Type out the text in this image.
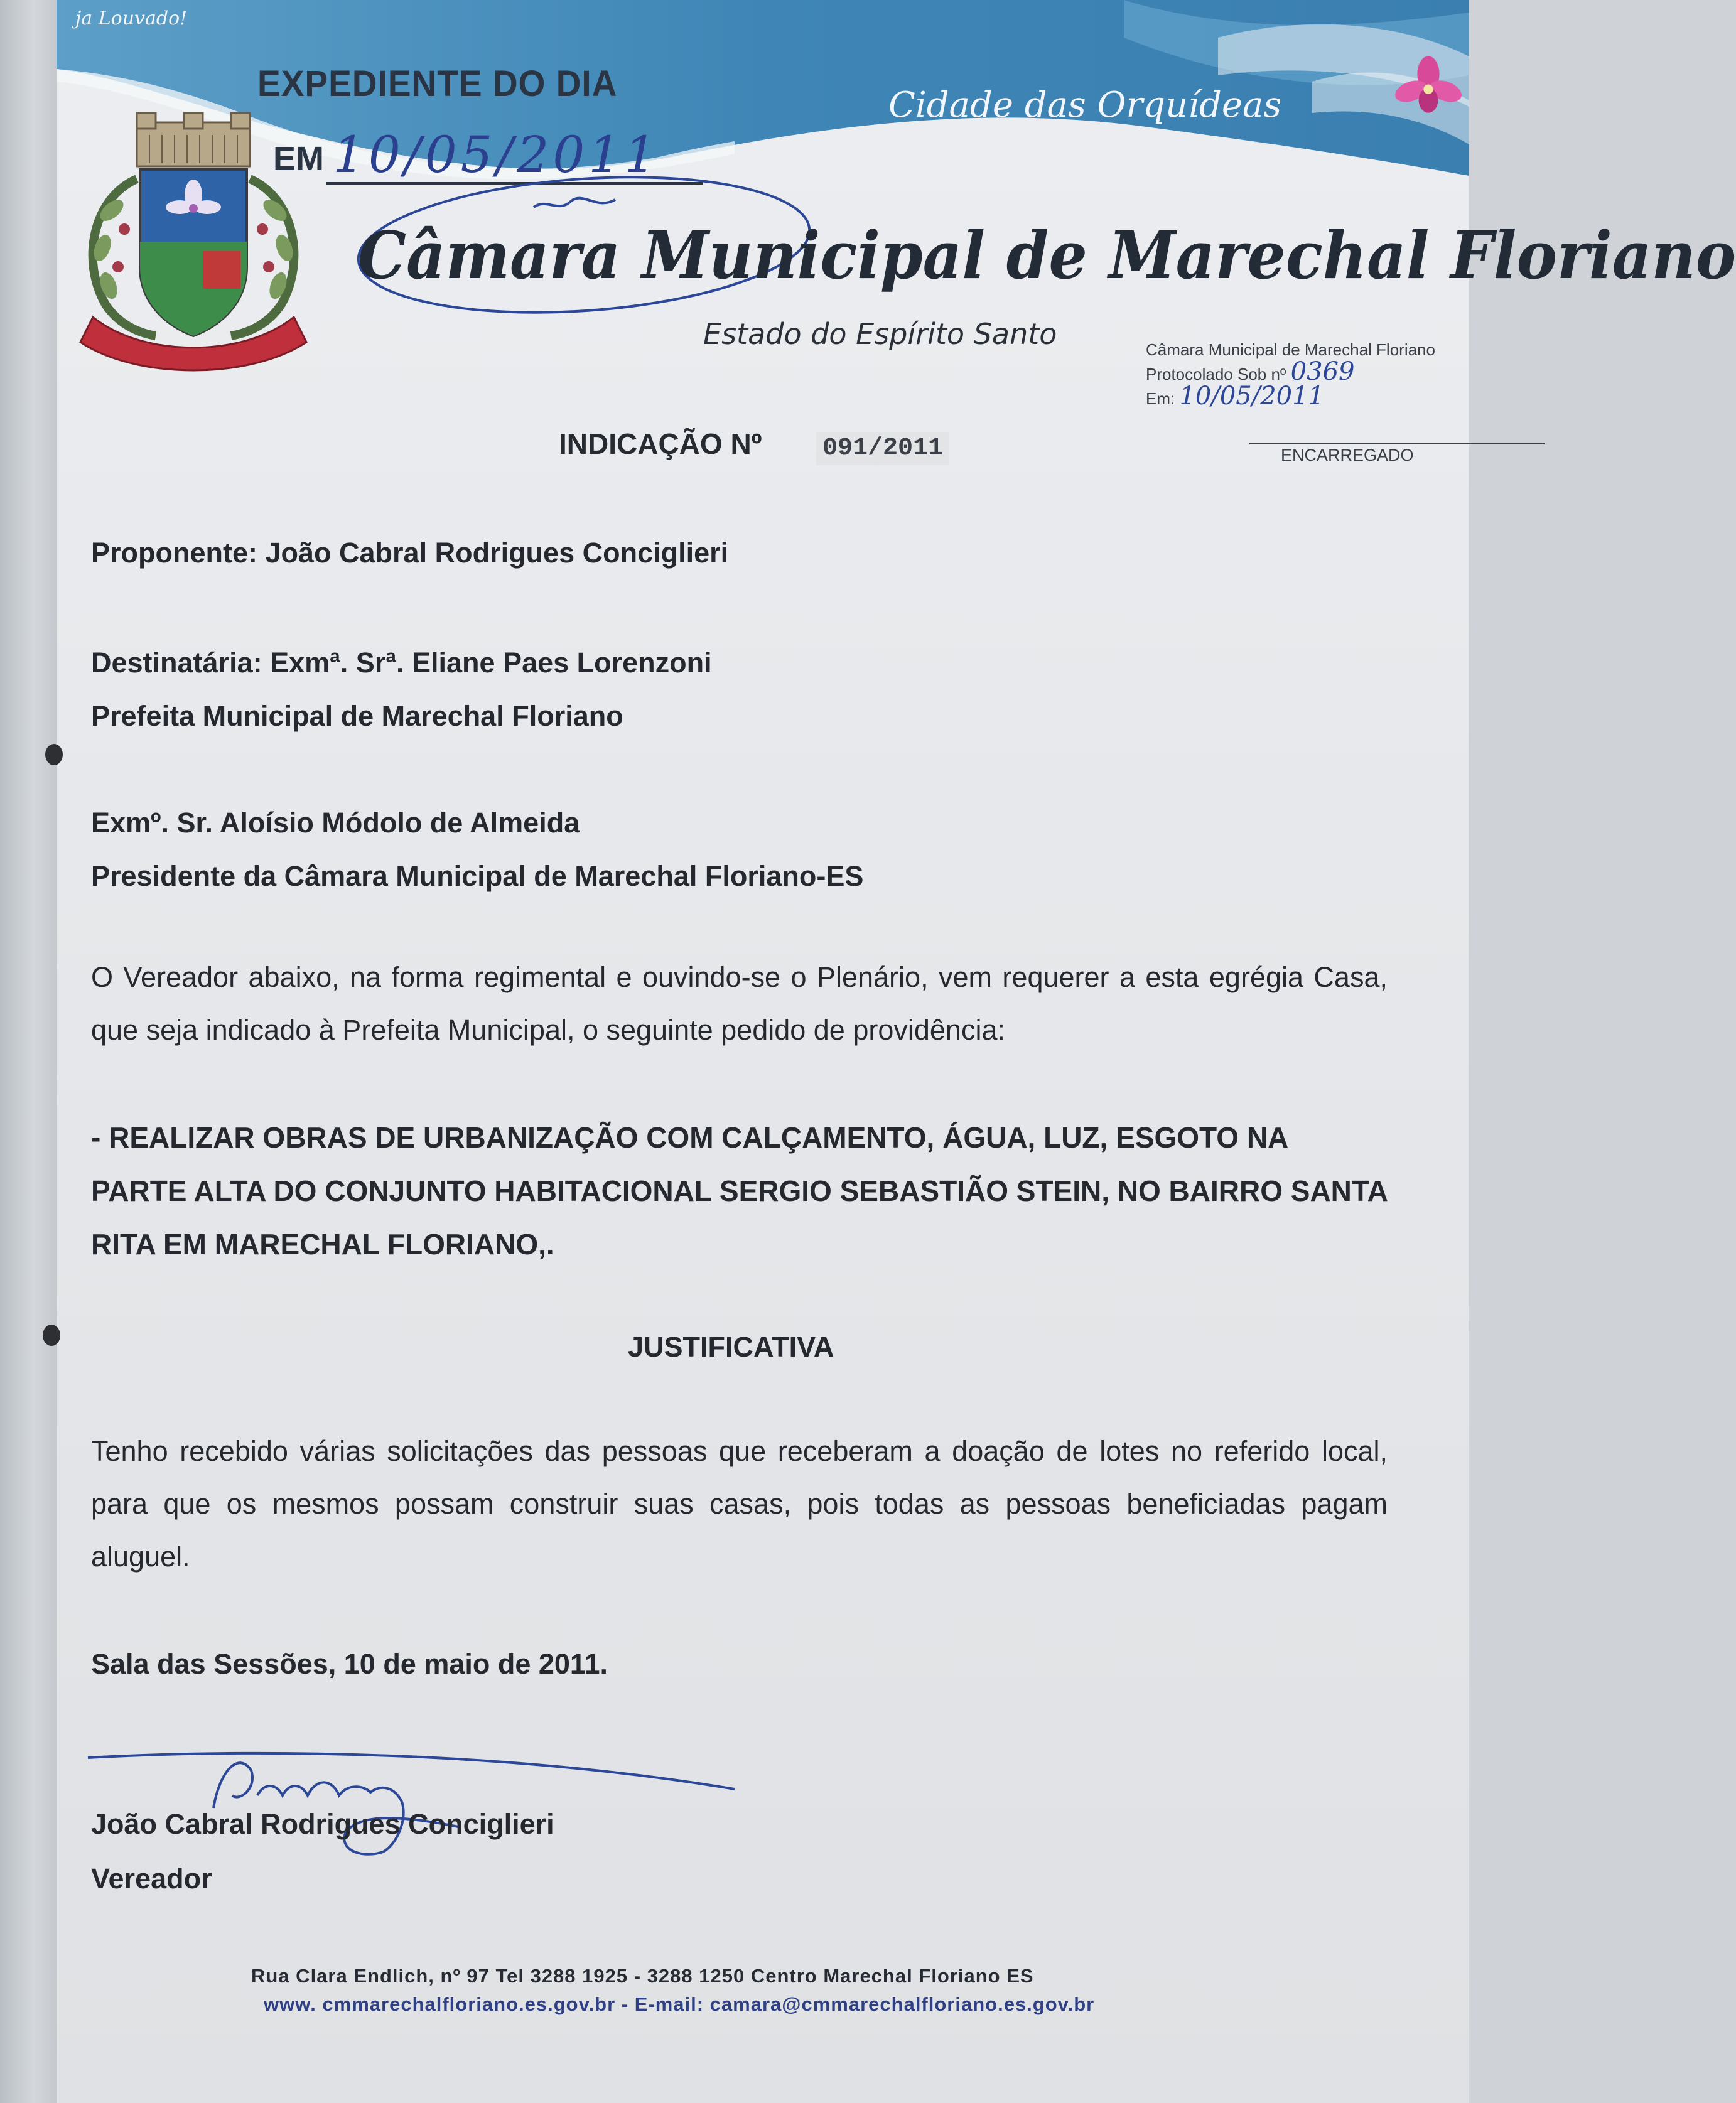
ja Louvado!
EXPEDIENTE DO DIA
EM 10/05/2011
Cidade das Orquídeas
Câmara Municipal de Marechal Floriano
Estado do Espírito Santo	Câmara Municipal de Marechal Floriano
Protocolado Sob nº 0369
Em: 10/05/2011
ENCARREGADO
INDICAÇÃO Nº 091/2011
Proponente: João Cabral Rodrigues Conciglieri
Destinatária: Exmª. Srª. Eliane Paes Lorenzoni
Prefeita Municipal de Marechal Floriano
Exmº. Sr. Aloísio Módolo de Almeida
Presidente da Câmara Municipal de Marechal Floriano-ES
O Vereador abaixo, na forma regimental e ouvindo-se o Plenário, vem requerer a esta egrégia Casa, que seja indicado à Prefeita Municipal, o seguinte pedido de providência:
- REALIZAR OBRAS DE URBANIZAÇÃO COM CALÇAMENTO, ÁGUA, LUZ, ESGOTO NA PARTE ALTA DO CONJUNTO HABITACIONAL SERGIO SEBASTIÃO STEIN, NO BAIRRO SANTA RITA EM MARECHAL FLORIANO,.
JUSTIFICATIVA
Tenho recebido várias solicitações das pessoas que receberam a doação de lotes no referido local, para que os mesmos possam construir suas casas, pois todas as pessoas beneficiadas pagam aluguel.
Sala das Sessões, 10 de maio de 2011.
João Cabral Rodrigues Conciglieri
Vereador
Rua Clara Endlich, nº 97 Tel 3288 1925 - 3288 1250 Centro Marechal Floriano ES
www. cmmarechalfloriano.es.gov.br - E-mail: camara@cmmarechalfloriano.es.gov.br
